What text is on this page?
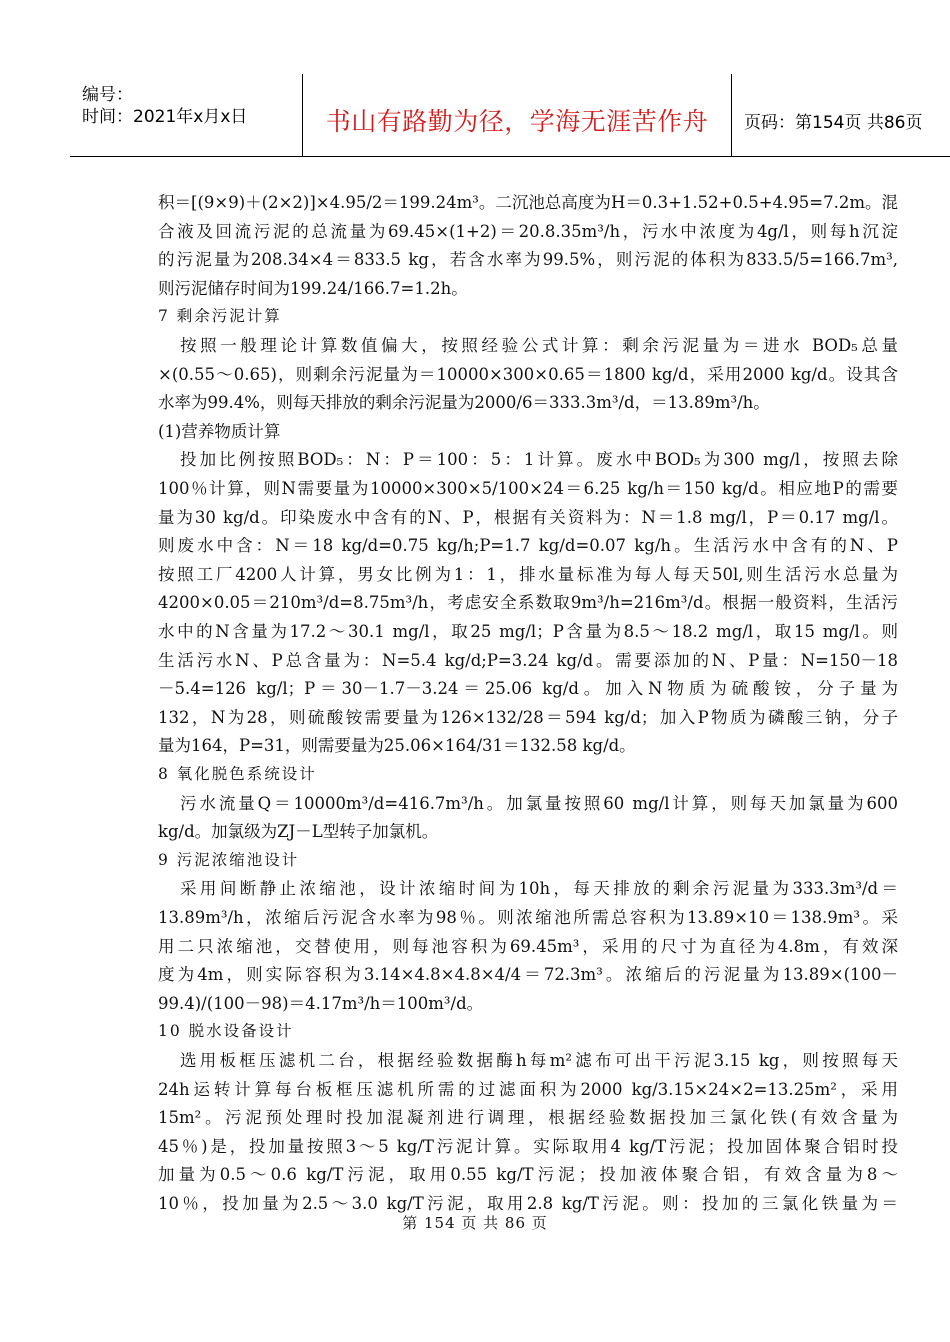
编号：
时间：2021年x月x日	书山有路勤为径，学海无涯苦作舟	页码：第154页 共86页
积＝[(9×9)＋(2×2)]×4.95/2＝199.24m³。二沉池总高度为H＝0.3+1.52+0.5+4.95=7.2m。混
合液及回流污泥的总流量为69.45×(1+2)＝20.8.35m³/h，污水中浓度为4g/l，则每h沉淀
的污泥量为208.34×4＝833.5 kg，若含水率为99.5%，则污泥的体积为833.5/5=166.7m³,
则污泥储存时间为199.24/166.7=1.2h。
7 剩余污泥计算
按照一般理论计算数值偏大，按照经验公式计算：剩余污泥量为＝进水 BOD₅总量
×(0.55～0.65)，则剩余污泥量为＝10000×300×0.65＝1800 kg/d，采用2000 kg/d。设其含
水率为99.4%，则每天排放的剩余污泥量为2000/6＝333.3m³/d，＝13.89m³/h。
(1)营养物质计算
投加比例按照BOD₅：N：P＝100：5：1计算。废水中BOD₅为300 mg/l，按照去除
100％计算，则N需要量为10000×300×5/100×24＝6.25 kg/h＝150 kg/d。相应地P的需要
量为30 kg/d。印染废水中含有的N、P，根据有关资料为：N＝1.8 mg/l，P＝0.17 mg/l。
则废水中含：N＝18 kg/d=0.75 kg/h;P=1.7 kg/d=0.07 kg/h。生活污水中含有的N、P
按照工厂4200人计算，男女比例为1：1，排水量标准为每人每天50l,则生活污水总量为
4200×0.05＝210m³/d=8.75m³/h，考虑安全系数取9m³/h=216m³/d。根据一般资料，生活污
水中的N含量为17.2～30.1 mg/l，取25 mg/l；P含量为8.5～18.2 mg/l，取15 mg/l。则
生活污水N、P总含量为：N=5.4 kg/d;P=3.24 kg/d。需要添加的N、P量：N=150－18
－5.4=126 kg/l；P＝30－1.7－3.24＝25.06 kg/d。加入N物质为硫酸铵，分子量为
132，N为28，则硫酸铵需要量为126×132/28＝594 kg/d；加入P物质为磷酸三钠，分子
量为164，P=31，则需要量为25.06×164/31＝132.58 kg/d。
8 氧化脱色系统设计
污水流量Q＝10000m³/d=416.7m³/h。加氯量按照60 mg/l计算，则每天加氯量为600
kg/d。加氯级为ZJ－L型转子加氯机。
9 污泥浓缩池设计
采用间断静止浓缩池，设计浓缩时间为10h，每天排放的剩余污泥量为333.3m³/d＝
13.89m³/h，浓缩后污泥含水率为98％。则浓缩池所需总容积为13.89×10＝138.9m³。采
用二只浓缩池，交替使用，则每池容积为69.45m³，采用的尺寸为直径为4.8m，有效深
度为4m，则实际容积为3.14×4.8×4.8×4/4＝72.3m³。浓缩后的污泥量为13.89×(100－
99.4)/(100－98)＝4.17m³/h＝100m³/d。
10 脱水设备设计
选用板框压滤机二台，根据经验数据酶h每m²滤布可出干污泥3.15 kg，则按照每天
24h运转计算每台板框压滤机所需的过滤面积为2000 kg/3.15×24×2=13.25m²，采用
15m²。污泥预处理时投加混凝剂进行调理，根据经验数据投加三氯化铁(有效含量为
45％)是，投加量按照3～5 kg/T污泥计算。实际取用4 kg/T污泥；投加固体聚合铝时投
加量为0.5～0.6 kg/T污泥，取用0.55 kg/T污泥；投加液体聚合铝，有效含量为8～
10％，投加量为2.5～3.0 kg/T污泥，取用2.8 kg/T污泥。则：投加的三氯化铁量为＝
第 154 页 共 86 页
